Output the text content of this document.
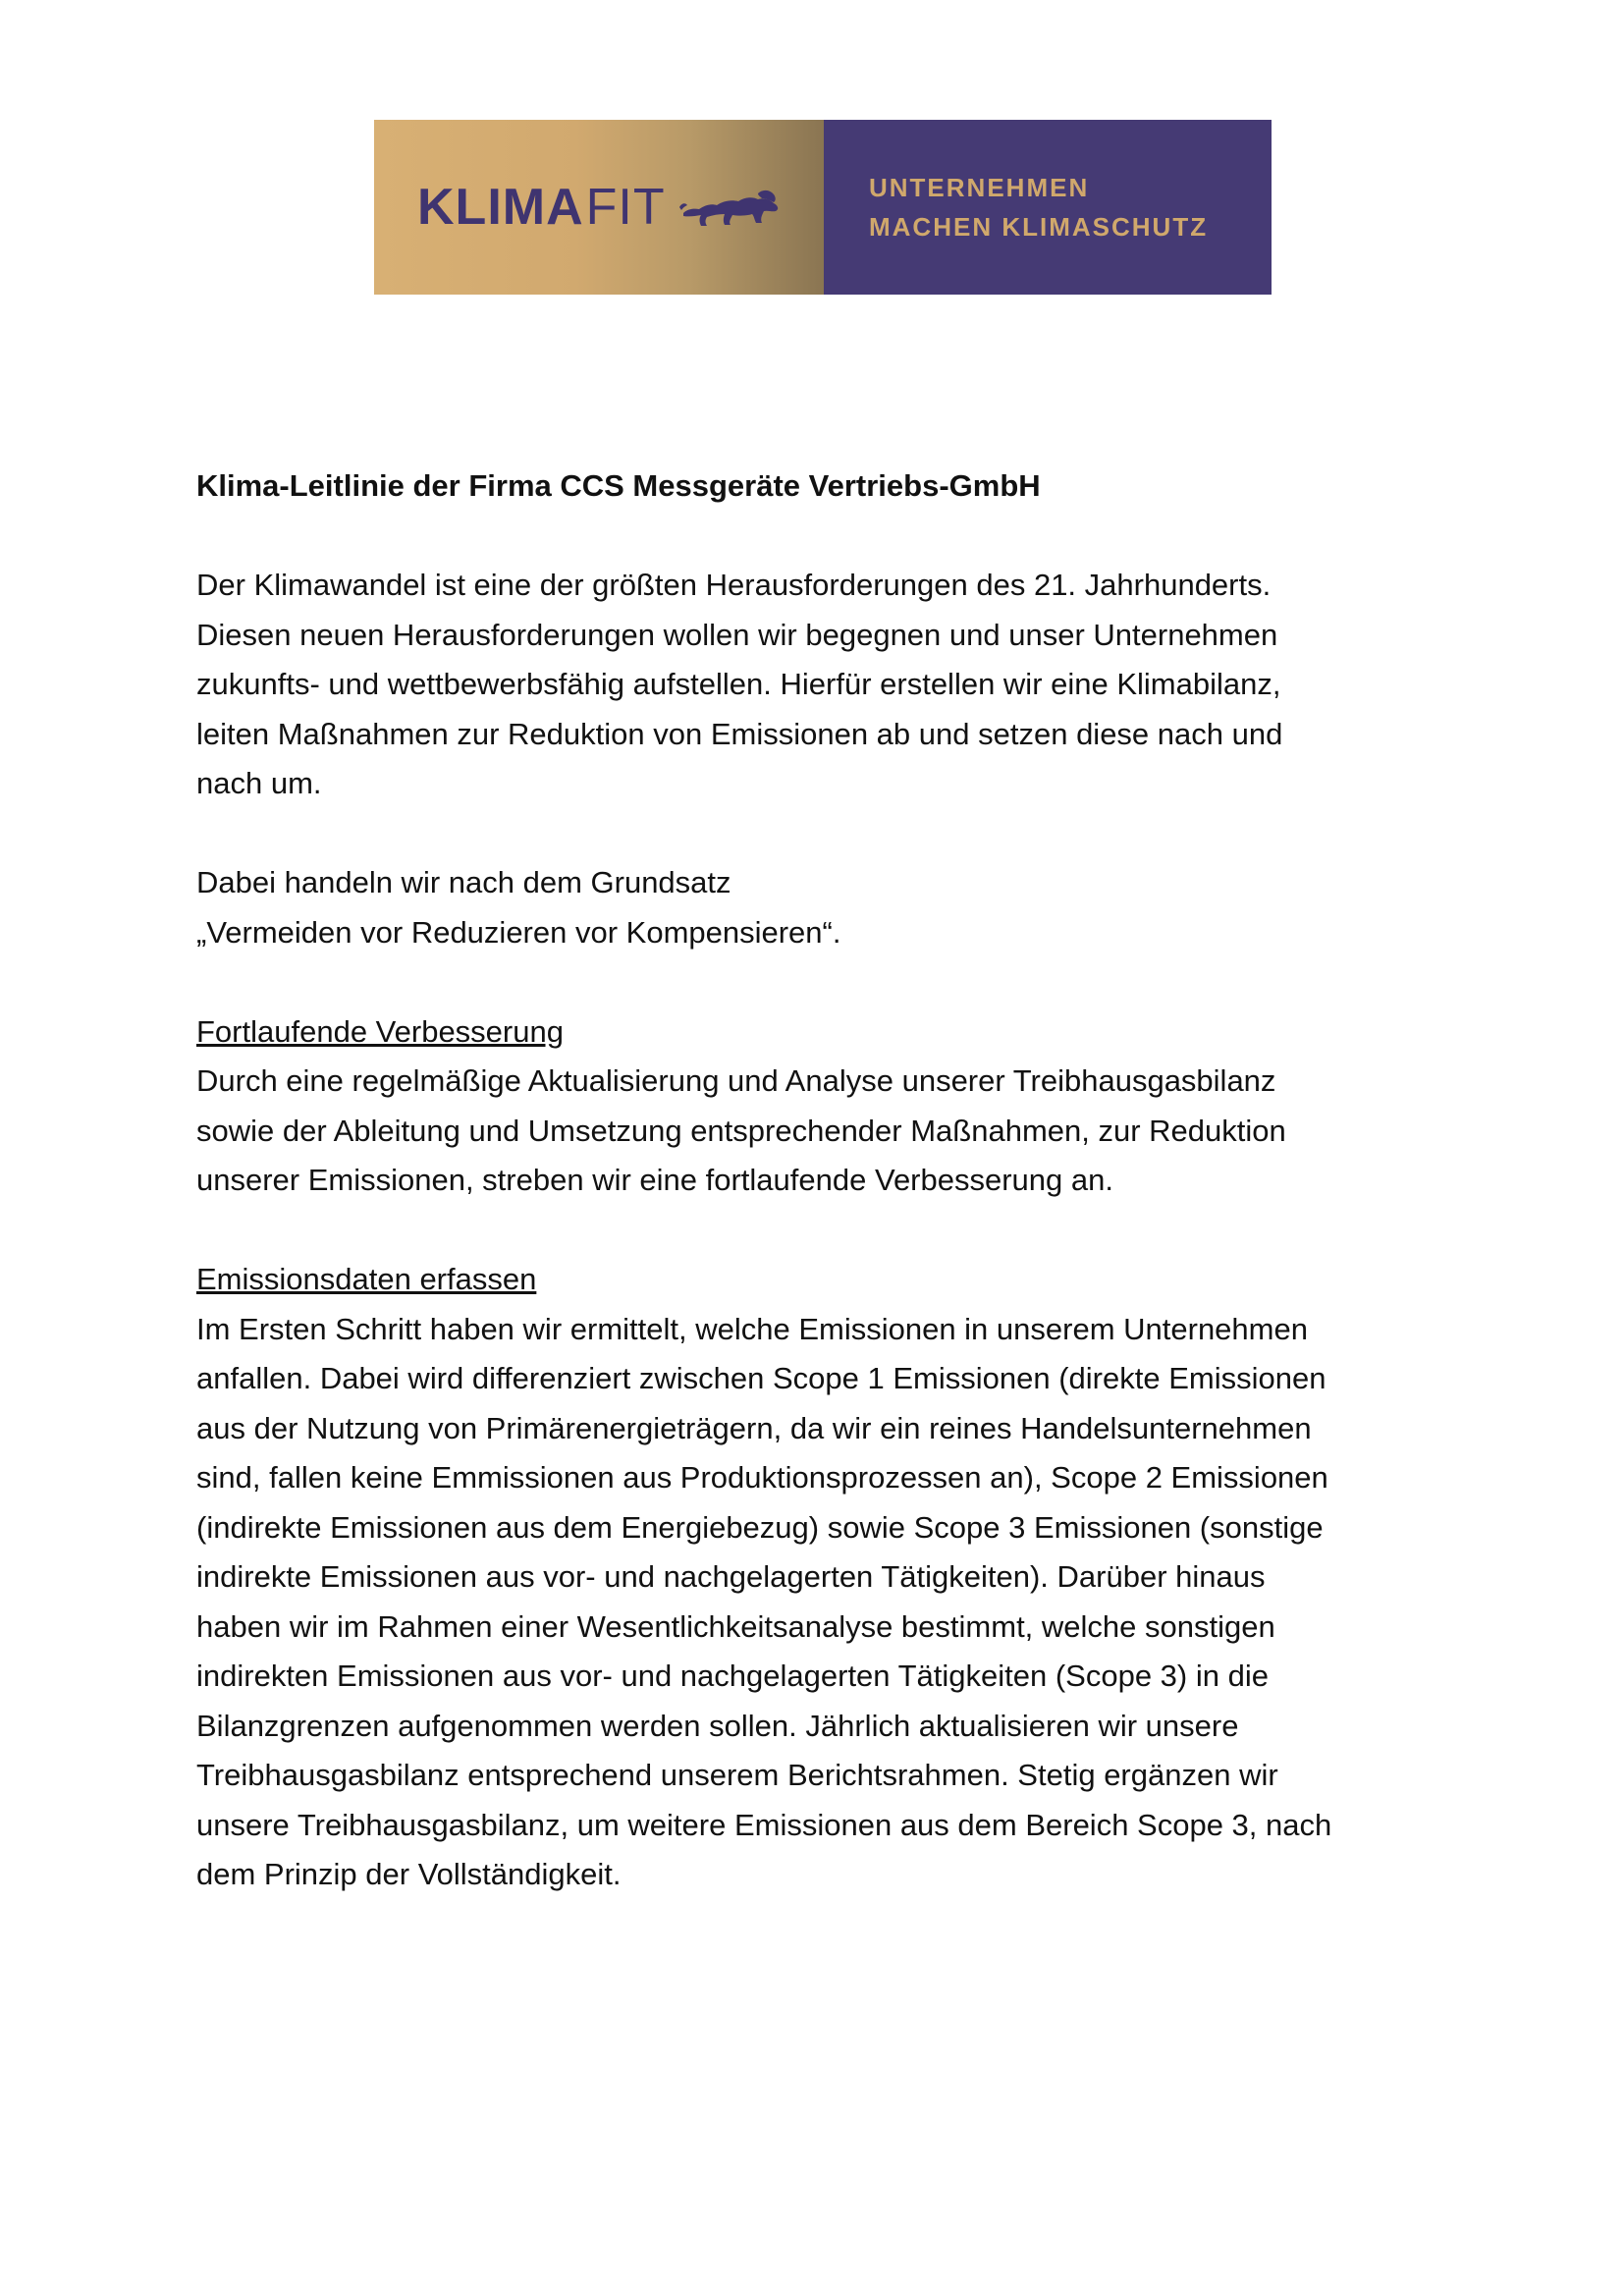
KLIMA FIT	UNTERNEHMEN
MACHEN KLIMASCHUTZ

Klima-Leitlinie der Firma CCS Messgeräte Vertriebs-GmbH

Der Klimawandel ist eine der größten Herausforderungen des 21. Jahrhunderts.
Diesen neuen Herausforderungen wollen wir begegnen und unser Unternehmen
zukunfts- und wettbewerbsfähig aufstellen. Hierfür erstellen wir eine Klimabilanz,
leiten Maßnahmen zur Reduktion von Emissionen ab und setzen diese nach und
nach um.
Dabei handeln wir nach dem Grundsatz
„Vermeiden vor Reduzieren vor Kompensieren“.
Fortlaufende Verbesserung
Durch eine regelmäßige Aktualisierung und Analyse unserer Treibhausgasbilanz
sowie der Ableitung und Umsetzung entsprechender Maßnahmen, zur Reduktion
unserer Emissionen, streben wir eine fortlaufende Verbesserung an.
Emissionsdaten erfassen
Im Ersten Schritt haben wir ermittelt, welche Emissionen in unserem Unternehmen
anfallen. Dabei wird differenziert zwischen Scope 1 Emissionen (direkte Emissionen
aus der Nutzung von Primärenergieträgern, da wir ein reines Handelsunternehmen
sind, fallen keine Emmissionen aus Produktionsprozessen an), Scope 2 Emissionen
(indirekte Emissionen aus dem Energiebezug) sowie Scope 3 Emissionen (sonstige
indirekte Emissionen aus vor- und nachgelagerten Tätigkeiten). Darüber hinaus
haben wir im Rahmen einer Wesentlichkeitsanalyse bestimmt, welche sonstigen
indirekten Emissionen aus vor- und nachgelagerten Tätigkeiten (Scope 3) in die
Bilanzgrenzen aufgenommen werden sollen. Jährlich aktualisieren wir unsere
Treibhausgasbilanz entsprechend unserem Berichtsrahmen. Stetig ergänzen wir
unsere Treibhausgasbilanz, um weitere Emissionen aus dem Bereich Scope 3, nach
dem Prinzip der Vollständigkeit.
